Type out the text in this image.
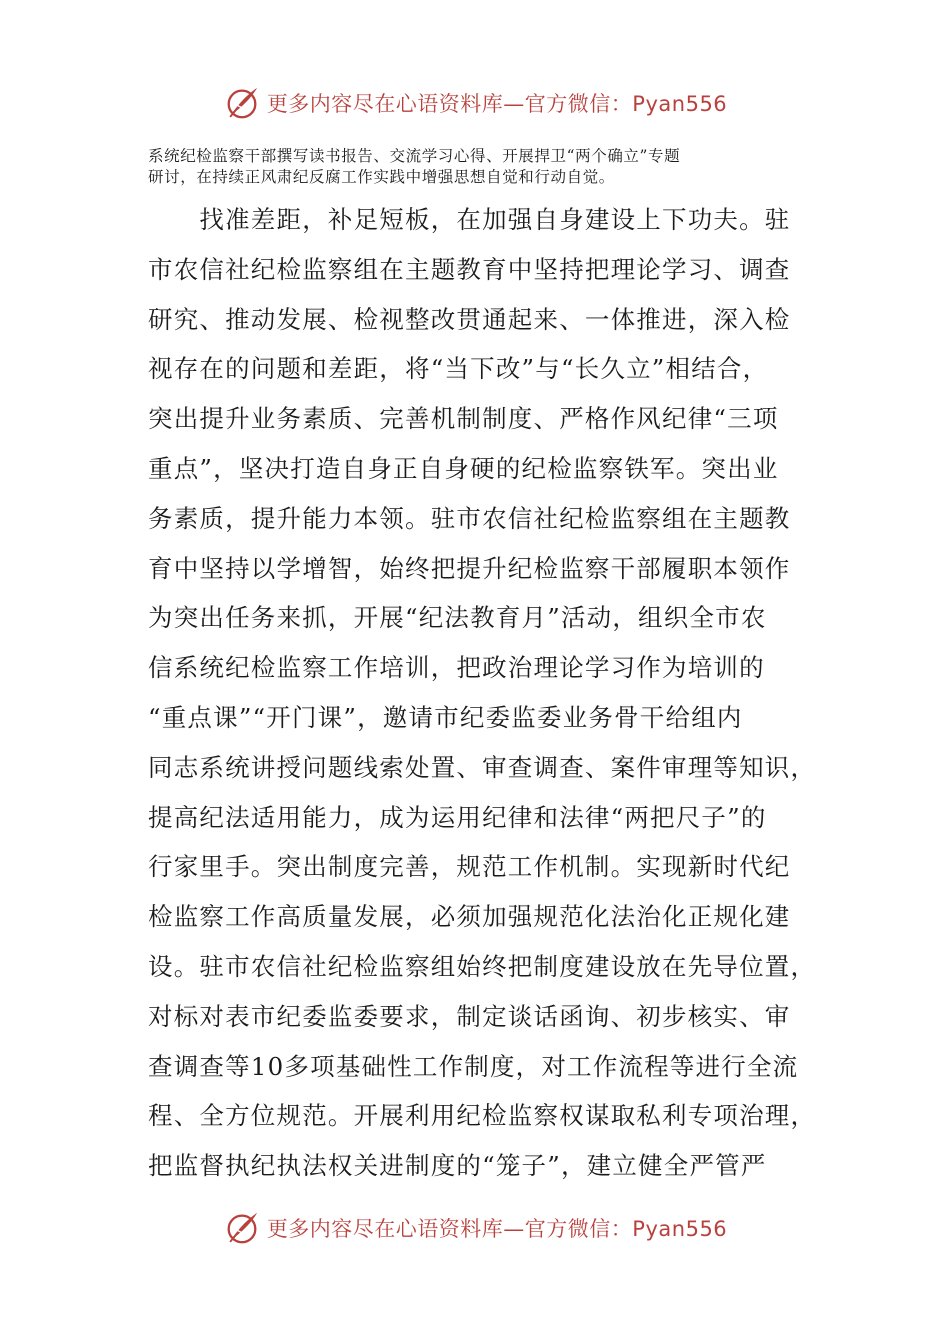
更多内容尽在心语资料库—官方微信：Pyan556
系统纪检监察干部撰写读书报告、交流学习心得、开展捍卫“两个确立”专题
研讨，在持续正风肃纪反腐工作实践中增强思想自觉和行动自觉。
　　找准差距，补足短板，在加强自身建设上下功夫。驻
市农信社纪检监察组在主题教育中坚持把理论学习、调查
研究、推动发展、检视整改贯通起来、一体推进，深入检
视存在的问题和差距，将“当下改”与“长久立”相结合，
突出提升业务素质、完善机制制度、严格作风纪律“三项
重点”，坚决打造自身正自身硬的纪检监察铁军。突出业
务素质，提升能力本领。驻市农信社纪检监察组在主题教
育中坚持以学增智，始终把提升纪检监察干部履职本领作
为突出任务来抓，开展“纪法教育月”活动，组织全市农
信系统纪检监察工作培训，把政治理论学习作为培训的
“重点课”“开门课”，邀请市纪委监委业务骨干给组内
同志系统讲授问题线索处置、审查调查、案件审理等知识，
提高纪法适用能力，成为运用纪律和法律“两把尺子”的
行家里手。突出制度完善，规范工作机制。实现新时代纪
检监察工作高质量发展，必须加强规范化法治化正规化建
设。驻市农信社纪检监察组始终把制度建设放在先导位置，
对标对表市纪委监委要求，制定谈话函询、初步核实、审
查调查等10多项基础性工作制度，对工作流程等进行全流
程、全方位规范。开展利用纪检监察权谋取私利专项治理，
把监督执纪执法权关进制度的“笼子”，建立健全严管严
更多内容尽在心语资料库—官方微信：Pyan556
